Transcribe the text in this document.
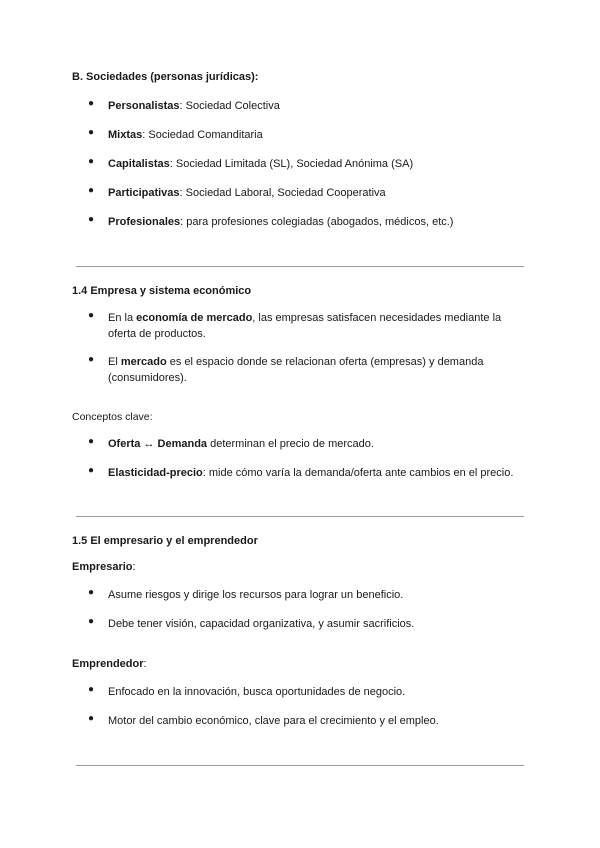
B. Sociedades (personas jurídicas):
● Personalistas: Sociedad Colectiva
● Mixtas: Sociedad Comanditaria
● Capitalistas: Sociedad Limitada (SL), Sociedad Anónima (SA)
● Participativas: Sociedad Laboral, Sociedad Cooperativa
● Profesionales: para profesiones colegiadas (abogados, médicos, etc.)
1.4 Empresa y sistema económico
● En la economía de mercado, las empresas satisfacen necesidades mediante la oferta de productos.
● El mercado es el espacio donde se relacionan oferta (empresas) y demanda (consumidores).
Conceptos clave:
● Oferta ↔ Demanda determinan el precio de mercado.
● Elasticidad-precio: mide cómo varía la demanda/oferta ante cambios en el precio.
1.5 El empresario y el emprendedor
Empresario:
● Asume riesgos y dirige los recursos para lograr un beneficio.
● Debe tener visión, capacidad organizativa, y asumir sacrificios.
Emprendedor:
● Enfocado en la innovación, busca oportunidades de negocio.
● Motor del cambio económico, clave para el crecimiento y el empleo.
